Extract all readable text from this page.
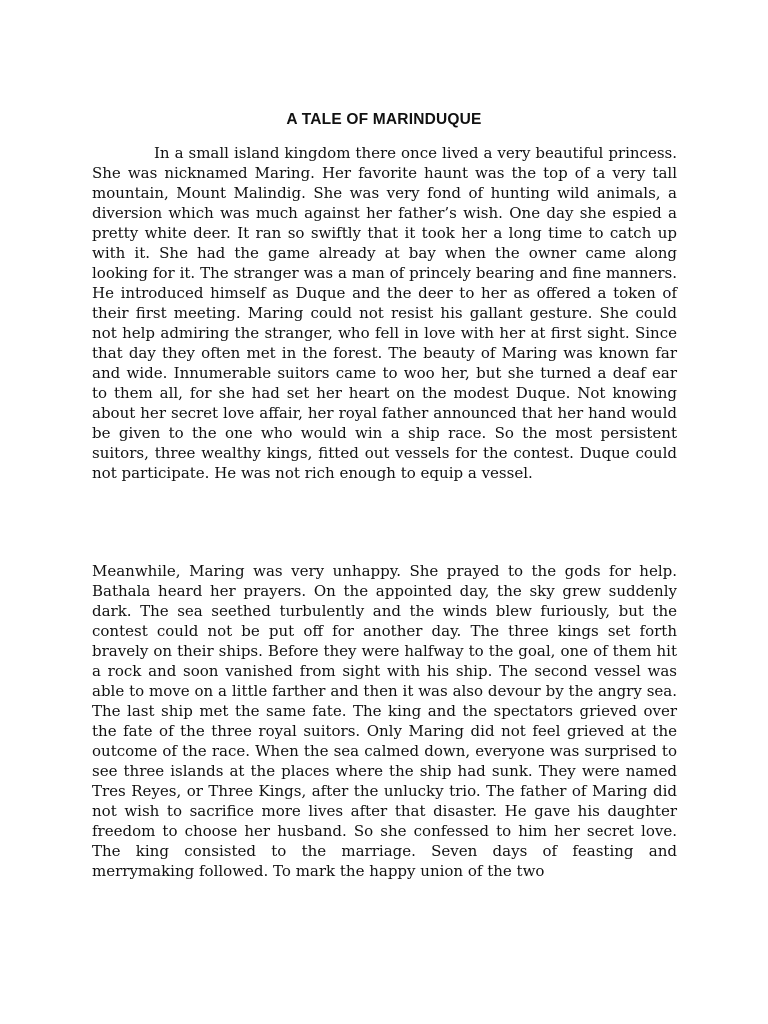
A TALE OF MARINDUQUE

In a small island kingdom there once lived a very beautiful princess. She was nicknamed Maring. Her favorite haunt was the top of a very tall mountain, Mount Malindig. She was very fond of hunting wild animals, a diversion which was much against her father’s wish. One day she espied a pretty white deer. It ran so swiftly that it took her a long time to catch up with it. She had the game already at bay when the owner came along looking for it. The stranger was a man of princely bearing and fine manners. He introduced himself as Duque and the deer to her as offered a token of their first meeting. Maring could not resist his gallant gesture. She could not help admiring the stranger, who fell in love with her at first sight. Since that day they often met in the forest. The beauty of Maring was known far and wide. Innumerable suitors came to woo her, but she turned a deaf ear to them all, for she had set her heart on the modest Duque. Not knowing about her secret love affair, her royal father announced that her hand would be given to the one who would win a ship race. So the most persistent suitors, three wealthy kings, fitted out vessels for the contest. Duque could not participate. He was not rich enough to equip a vessel.

Meanwhile, Maring was very unhappy. She prayed to the gods for help. Bathala heard her prayers. On the appointed day, the sky grew suddenly dark. The sea seethed turbulently and the winds blew furiously, but the contest could not be put off for another day. The three kings set forth bravely on their ships. Before they were halfway to the goal, one of them hit a rock and soon vanished from sight with his ship. The second vessel was able to move on a little farther and then it was also devour by the angry sea. The last ship met the same fate. The king and the spectators grieved over the fate of the three royal suitors. Only Maring did not feel grieved at the outcome of the race. When the sea calmed down, everyone was surprised to see three islands at the places where the ship had sunk. They were named Tres Reyes, or Three Kings, after the unlucky trio. The father of Maring did not wish to sacrifice more lives after that disaster. He gave his daughter freedom to choose her husband. So she confessed to him her secret love. The king consisted to the marriage. Seven days of feasting and merrymaking followed. To mark the happy union of the two
